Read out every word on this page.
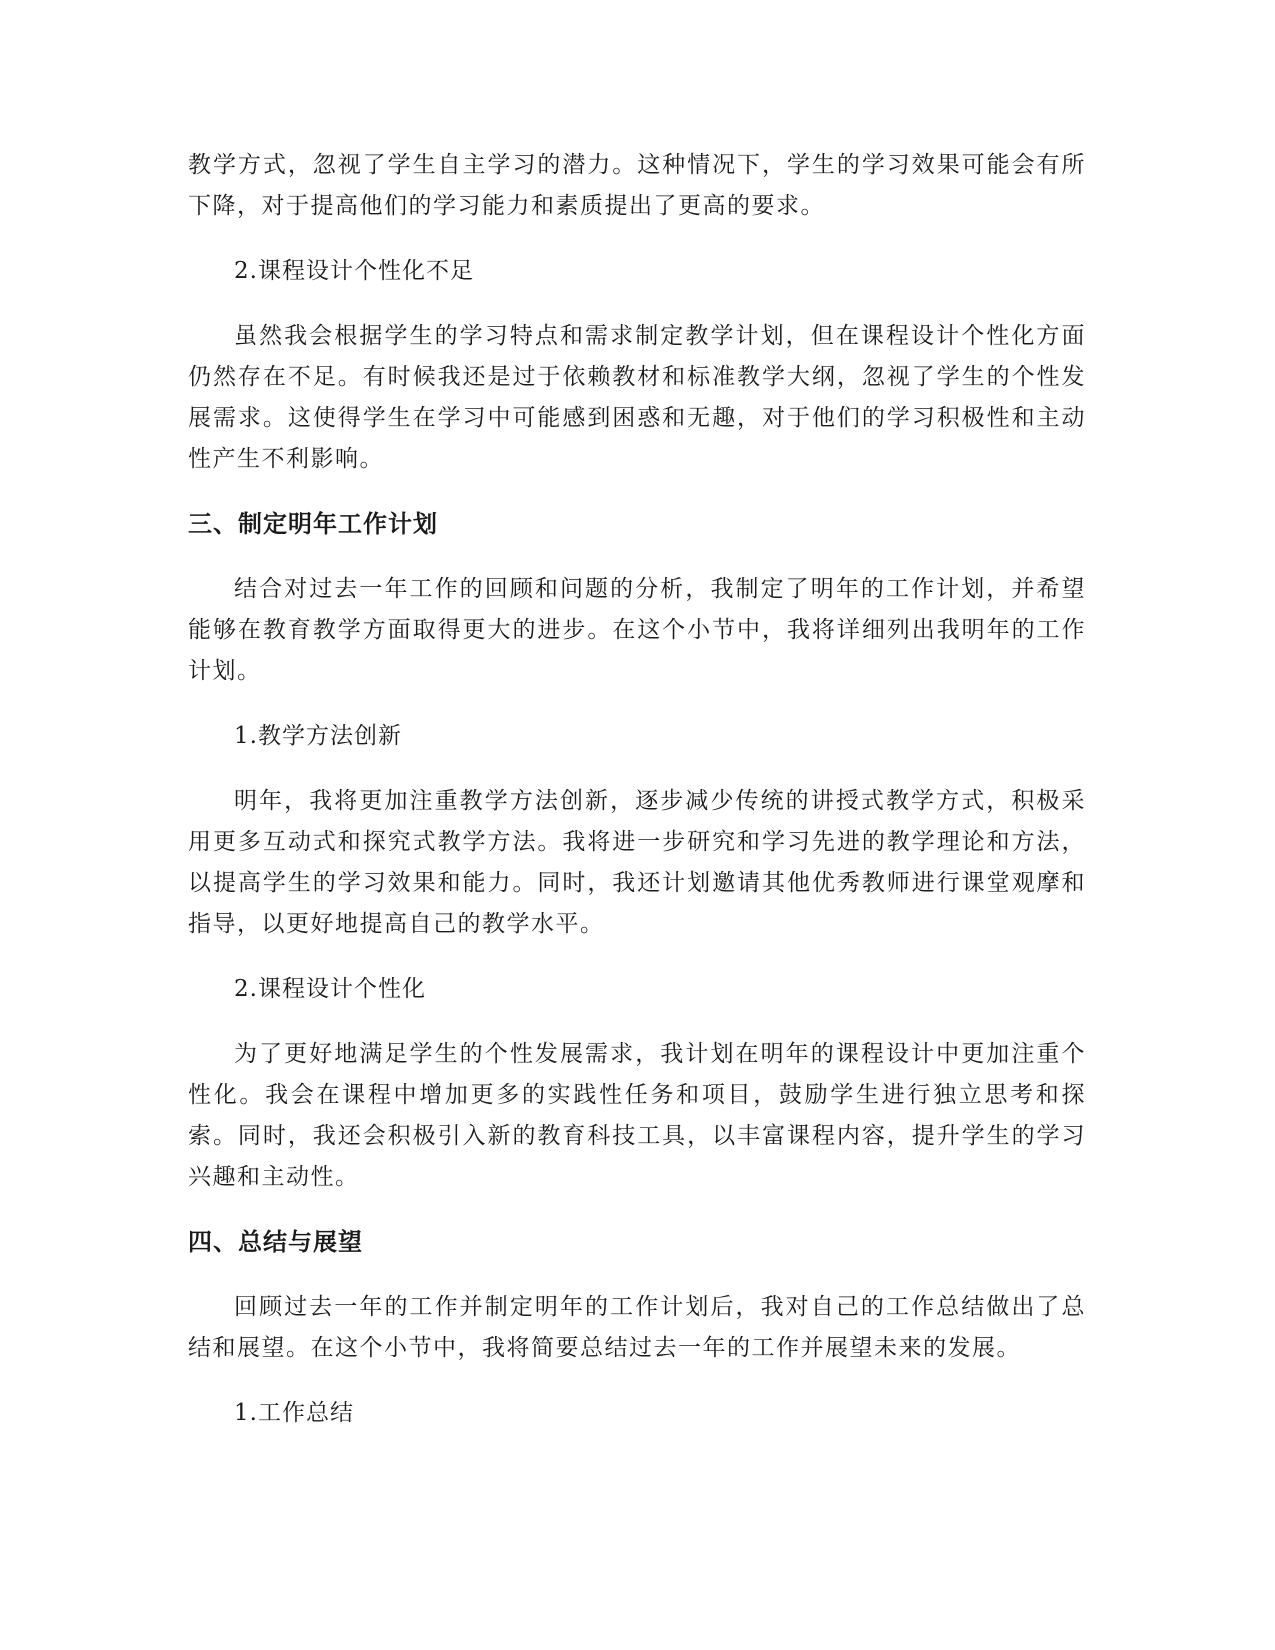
教学方式，忽视了学生自主学习的潜力。这种情况下，学生的学习效果可能会有所下降，对于提高他们的学习能力和素质提出了更高的要求。

2.课程设计个性化不足

虽然我会根据学生的学习特点和需求制定教学计划，但在课程设计个性化方面仍然存在不足。有时候我还是过于依赖教材和标准教学大纲，忽视了学生的个性发展需求。这使得学生在学习中可能感到困惑和无趣，对于他们的学习积极性和主动性产生不利影响。

三、制定明年工作计划

结合对过去一年工作的回顾和问题的分析，我制定了明年的工作计划，并希望能够在教育教学方面取得更大的进步。在这个小节中，我将详细列出我明年的工作计划。

1.教学方法创新

明年，我将更加注重教学方法创新，逐步减少传统的讲授式教学方式，积极采用更多互动式和探究式教学方法。我将进一步研究和学习先进的教学理论和方法，以提高学生的学习效果和能力。同时，我还计划邀请其他优秀教师进行课堂观摩和指导，以更好地提高自己的教学水平。

2.课程设计个性化

为了更好地满足学生的个性发展需求，我计划在明年的课程设计中更加注重个性化。我会在课程中增加更多的实践性任务和项目，鼓励学生进行独立思考和探索。同时，我还会积极引入新的教育科技工具，以丰富课程内容，提升学生的学习兴趣和主动性。

四、总结与展望

回顾过去一年的工作并制定明年的工作计划后，我对自己的工作总结做出了总结和展望。在这个小节中，我将简要总结过去一年的工作并展望未来的发展。

1.工作总结
